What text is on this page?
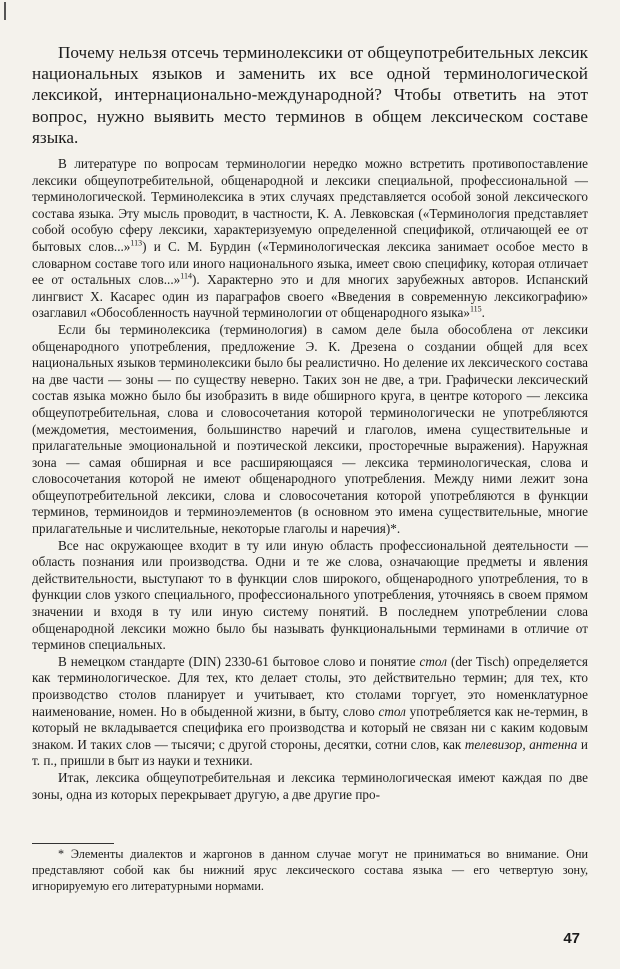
Почему нельзя отсечь терминолексики от общеупотребительных лексик национальных языков и заменить их все одной терминологической лексикой, интернационально-международной? Чтобы ответить на этот вопрос, нужно выявить место терминов в общем лексическом составе языка.

В литературе по вопросам терминологии нередко можно встретить противопоставление лексики общеупотребительной, общенародной и лексики специальной, профессиональной — терминологической. Терминолексика в этих случаях представляется особой зоной лексического состава языка. Эту мысль проводит, в частности, К. А. Левковская («Терминология представляет собой особую сферу лексики, характеризуемую определенной спецификой, отличающей ее от бытовых слов...»$^{113}$) и С. М. Бурдин («Терминологическая лексика занимает особое место в словарном составе того или иного национального языка, имеет свою специфику, которая отличает ее от остальных слов...»$^{114}$). Характерно это и для многих зарубежных авторов. Испанский лингвист Х. Касарес один из параграфов своего «Введения в современную лексикографию» озаглавил «Обособленность научной терминологии от общенародного языка»$^{115}$.

Если бы терминолексика (терминология) в самом деле была обособлена от лексики общенародного употребления, предложение Э. К. Дрезена о создании общей для всех национальных языков терминолексики было бы реалистично. Но деление их лексического состава на две части — зоны — по существу неверно. Таких зон не две, а три. Графически лексический состав языка можно было бы изобразить в виде обширного круга, в центре которого — лексика общеупотребительная, слова и словосочетания которой терминологически не употребляются (междометия, местоимения, большинство наречий и глаголов, имена существительные и прилагательные эмоциональной и поэтической лексики, просторечные выражения). Наружная зона — самая обширная и все расширяющаяся — лексика терминологическая, слова и словосочетания которой не имеют общенародного употребления. Между ними лежит зона общеупотребительной лексики, слова и словосочетания которой употребляются в функции терминов, терминоидов и терминоэлементов (в основном это имена существительные, многие прилагательные и числительные, некоторые глаголы и наречия)*.

Все нас окружающее входит в ту или иную область профессиональной деятельности — область познания или производства. Одни и те же слова, означающие предметы и явления действительности, выступают то в функции слов широкого, общенародного употребления, то в функции слов узкого специального, профессионального употребления, уточняясь в своем прямом значении и входя в ту или иную систему понятий. В последнем употреблении слова общенародной лексики можно было бы называть функциональными терминами в отличие от терминов специальных.

В немецком стандарте (DIN) 2330-61 бытовое слово и понятие стол (der Tisch) определяется как терминологическое. Для тех, кто делает столы, это действительно термин; для тех, кто производство столов планирует и учитывает, кто столами торгует, это номенклатурное наименование, номен. Но в обыденной жизни, в быту, слово стол употребляется как не-термин, в который не вкладывается специфика его производства и который не связан ни с каким кодовым знаком. И таких слов — тысячи; с другой стороны, десятки, сотни слов, как телевизор, антенна и т. п., пришли в быт из науки и техники.

Итак, лексика общеупотребительная и лексика терминологическая имеют каждая по две зоны, одна из которых перекрывает другую, а две другие про-

* Элементы диалектов и жаргонов в данном случае могут не приниматься во внимание. Они представляют собой как бы нижний ярус лексического состава языка — его четвертую зону, игнорируемую его литературными нормами.
47
